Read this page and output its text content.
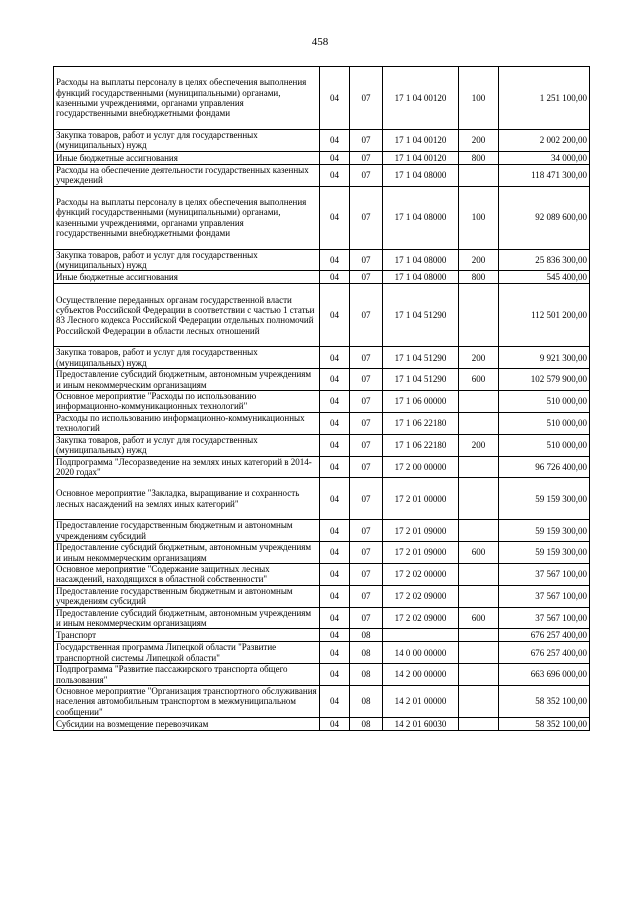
458
Расходы на выплаты персоналу в целях обеспечения выполнения функций государственными (муниципальными) органами, казенными учреждениями, органами управления государственными внебюджетными фондами	04	07	17 1 04 00120	100	1 251 100,00
Закупка товаров, работ и услуг для государственных (муниципальных) нужд	04	07	17 1 04 00120	200	2 002 200,00
Иные бюджетные ассигнования	04	07	17 1 04 00120	800	34 000,00
Расходы на обеспечение деятельности государственных казенных учреждений	04	07	17 1 04 08000		118 471 300,00
Расходы на выплаты персоналу в целях обеспечения выполнения функций государственными (муниципальными) органами, казенными учреждениями, органами управления государственными внебюджетными фондами	04	07	17 1 04 08000	100	92 089 600,00
Закупка товаров, работ и услуг для государственных (муниципальных) нужд	04	07	17 1 04 08000	200	25 836 300,00
Иные бюджетные ассигнования	04	07	17 1 04 08000	800	545 400,00
Осуществление переданных органам государственной власти субъектов Российской Федерации в соответствии с частью 1 статьи 83 Лесного кодекса Российской Федерации отдельных полномочий Российской Федерации в области лесных отношений	04	07	17 1 04 51290		112 501 200,00
Закупка товаров, работ и услуг для государственных (муниципальных) нужд	04	07	17 1 04 51290	200	9 921 300,00
Предоставление субсидий бюджетным, автономным учреждениям и иным некоммерческим организациям	04	07	17 1 04 51290	600	102 579 900,00
Основное мероприятие "Расходы по использованию информационно-коммуникационных технологий"	04	07	17 1 06 00000		510 000,00
Расходы по использованию информационно-коммуникационных технологий	04	07	17 1 06 22180		510 000,00
Закупка товаров, работ и услуг для государственных (муниципальных) нужд	04	07	17 1 06 22180	200	510 000,00
Подпрограмма "Лесоразведение на землях иных категорий в 2014-2020 годах"	04	07	17 2 00 00000		96 726 400,00
Основное мероприятие "Закладка, выращивание и сохранность лесных насаждений на землях иных категорий"	04	07	17 2 01 00000		59 159 300,00
Предоставление государственным бюджетным и автономным учреждениям субсидий	04	07	17 2 01 09000		59 159 300,00
Предоставление субсидий бюджетным, автономным учреждениям и иным некоммерческим организациям	04	07	17 2 01 09000	600	59 159 300,00
Основное мероприятие "Содержание защитных лесных насаждений, находящихся в областной собственности"	04	07	17 2 02 00000		37 567 100,00
Предоставление государственным бюджетным и автономным учреждениям субсидий	04	07	17 2 02 09000		37 567 100,00
Предоставление субсидий бюджетным, автономным учреждениям и иным некоммерческим организациям	04	07	17 2 02 09000	600	37 567 100,00
Транспорт	04	08			676 257 400,00
Государственная программа Липецкой области "Развитие транспортной системы Липецкой области"	04	08	14 0 00 00000		676 257 400,00
Подпрограмма "Развитие пассажирского транспорта общего пользования"	04	08	14 2 00 00000		663 696 000,00
Основное мероприятие "Организация транспортного обслуживания населения автомобильным транспортом в межмуниципальном сообщении"	04	08	14 2 01 00000		58 352 100,00
Субсидии на возмещение перевозчикам	04	08	14 2 01 60030		58 352 100,00
